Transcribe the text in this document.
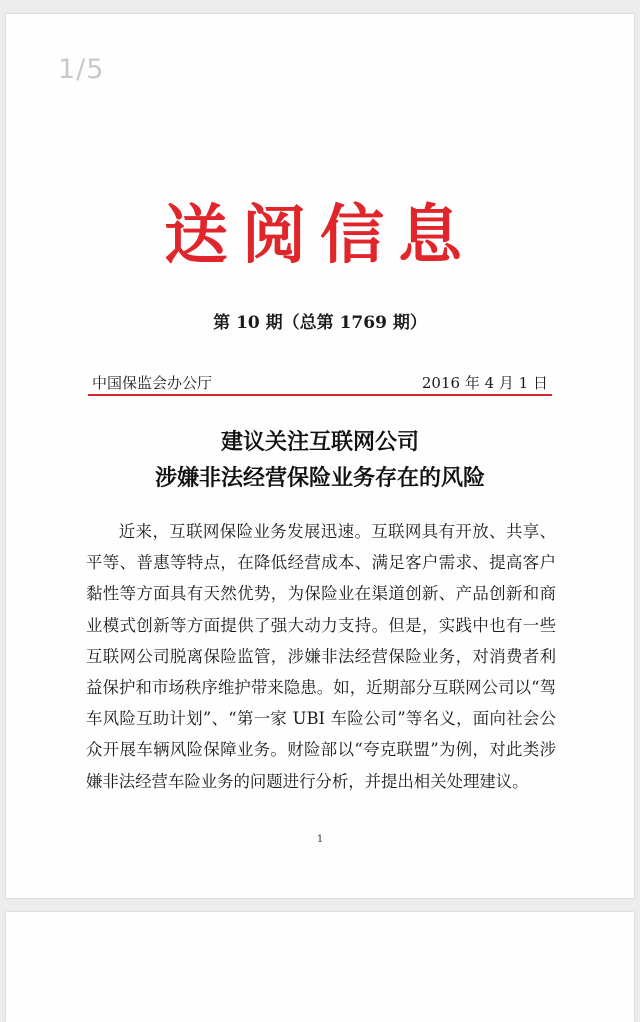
1/5
送阅信息
第 10 期（总第 1769 期）
中国保监会办公厅	2016 年 4 月 1 日
建议关注互联网公司
涉嫌非法经营保险业务存在的风险

近来，互联网保险业务发展迅速。互联网具有开放、共享、平等、普惠等特点，在降低经营成本、满足客户需求、提高客户黏性等方面具有天然优势，为保险业在渠道创新、产品创新和商业模式创新等方面提供了强大动力支持。但是，实践中也有一些互联网公司脱离保险监管，涉嫌非法经营保险业务，对消费者利益保护和市场秩序维护带来隐患。如，近期部分互联网公司以“驾车风险互助计划”、“第一家 UBI 车险公司”等名义，面向社会公众开展车辆风险保障业务。财险部以“夸克联盟”为例，对此类涉嫌非法经营车险业务的问题进行分析，并提出相关处理建议。

1
